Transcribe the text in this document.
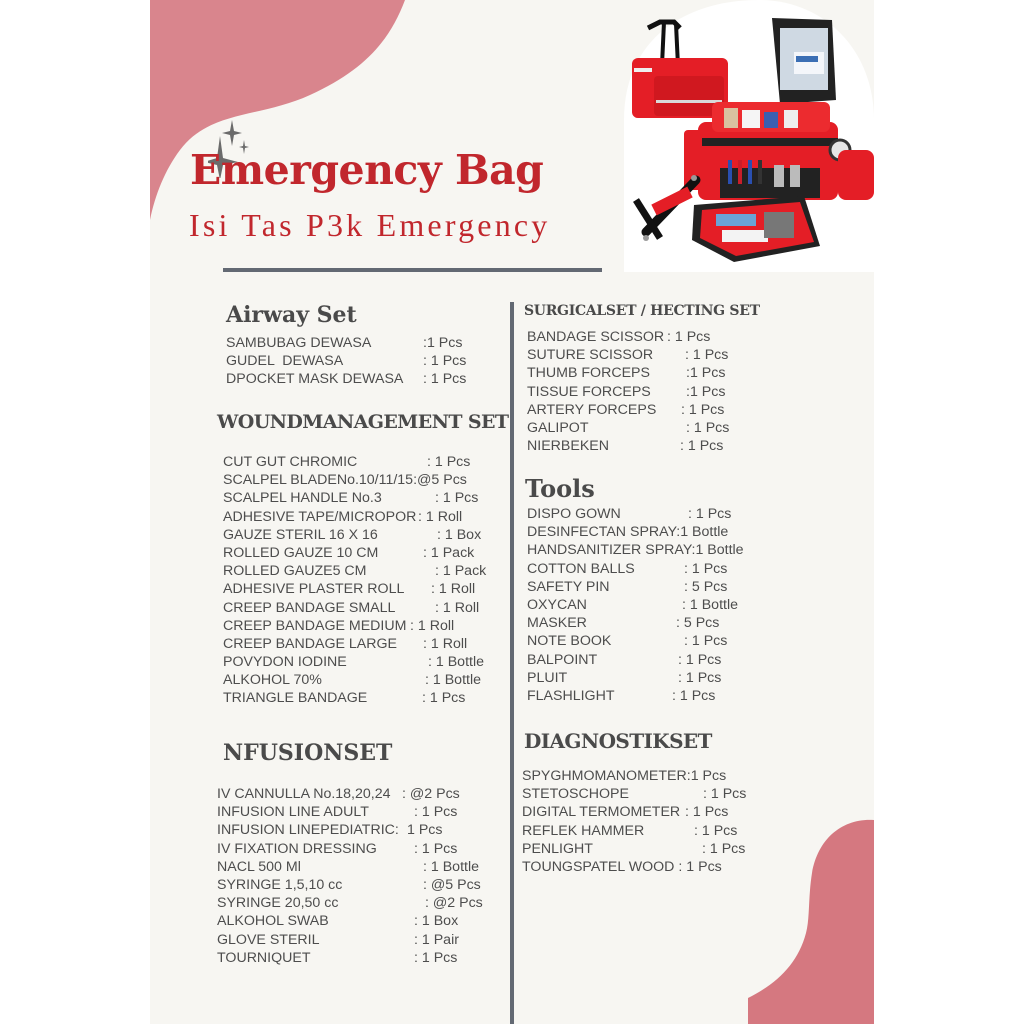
Emergency Bag
Isi Tas P3k Emergency
Airway Set
SAMBUBAG DEWASA	:1 Pcs
GUDEL  DEWASA	: 1 Pcs
DPOCKET MASK DEWASA : 1 Pcs
WOUNDMANAGEMENT SET
CUT GUT CHROMIC	: 1 Pcs
SCALPEL BLADENo.10/11/15:@5 Pcs
SCALPEL HANDLE No.3	: 1 Pcs
ADHESIVE TAPE/MICROPOR : 1 Roll
GAUZE STERIL 16 X 16	: 1 Box
ROLLED GAUZE 10 CM	: 1 Pack
ROLLED GAUZE5 CM	: 1 Pack
ADHESIVE PLASTER ROLL : 1 Roll
CREEP BANDAGE SMALL	: 1 Roll
CREEP BANDAGE MEDIUM : 1 Roll
CREEP BANDAGE LARGE : 1 Roll
POVYDON IODINE	: 1 Bottle
ALKOHOL 70%	: 1 Bottle
TRIANGLE BANDAGE	: 1 Pcs
NFUSIONSET
IV CANNULLA No.18,20,24 : @2 Pcs
INFUSION LINE ADULT	: 1 Pcs
INFUSION LINEPEDIATRIC: 1 Pcs
IV FIXATION DRESSING	: 1 Pcs
NACL 500 Ml	: 1 Bottle
SYRINGE 1,5,10 cc	: @5 Pcs
SYRINGE 20,50 cc	: @2 Pcs
ALKOHOL SWAB	: 1 Box
GLOVE STERIL	: 1 Pair
TOURNIQUET	: 1 Pcs
SURGICALSET / HECTING SET
BANDAGE SCISSOR : 1 Pcs
SUTURE SCISSOR : 1 Pcs
THUMB FORCEPS	:1 Pcs
TISSUE FORCEPS :1 Pcs
ARTERY FORCEPS : 1 Pcs
GALIPOT	: 1 Pcs
NIERBEKEN	: 1 Pcs
Tools
DISPO GOWN	: 1 Pcs
DESINFECTAN SPRAY:1 Bottle
HANDSANITIZER SPRAY:1 Bottle
COTTON BALLS	: 1 Pcs
SAFETY PIN	: 5 Pcs
OXYCAN	: 1 Bottle
MASKER	: 5 Pcs
NOTE BOOK	: 1 Pcs
BALPOINT	: 1 Pcs
PLUIT	: 1 Pcs
FLASHLIGHT	: 1 Pcs
DIAGNOSTIKSET
SPYGHMOMANOMETER:1 Pcs
STETOSCHOPE	: 1 Pcs
DIGITAL TERMOMETER : 1 Pcs
REFLEK HAMMER	: 1 Pcs
PENLIGHT	: 1 Pcs
TOUNGSPATEL WOOD : 1 Pcs
